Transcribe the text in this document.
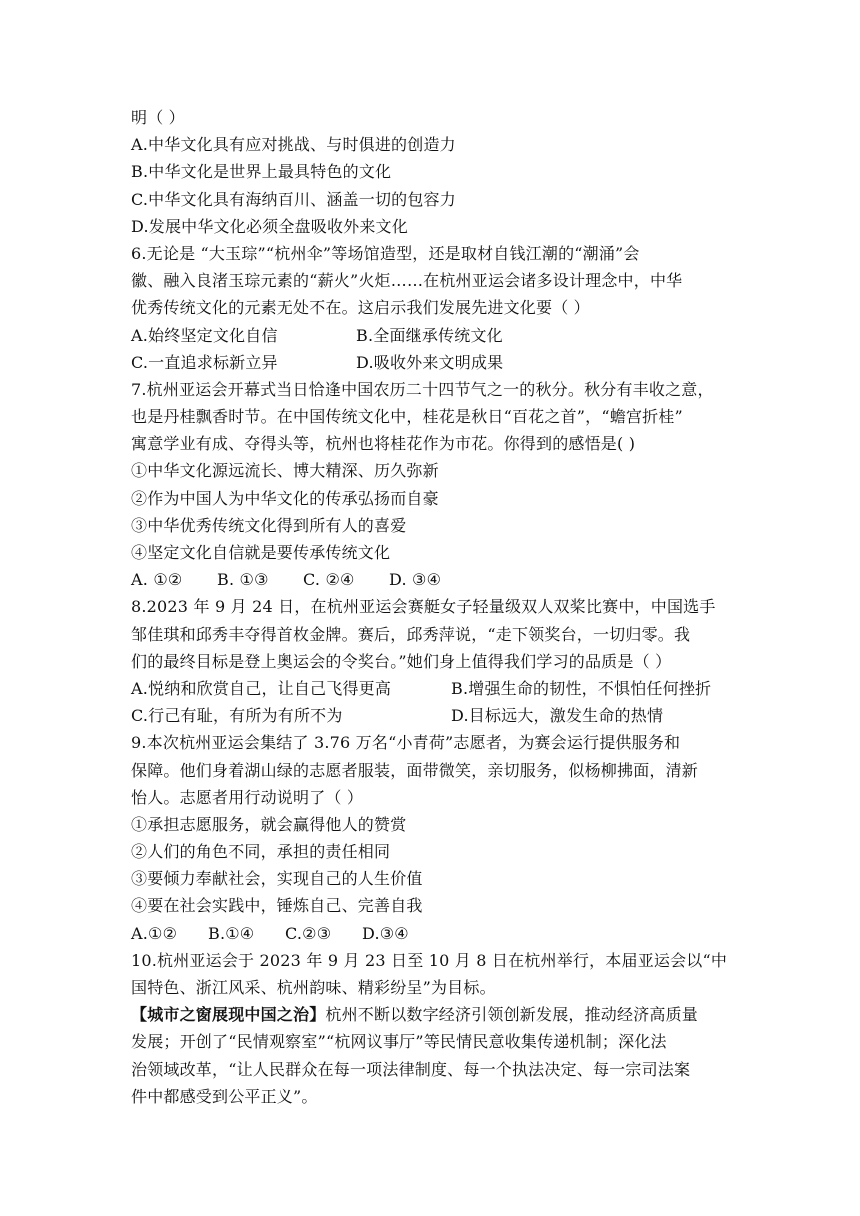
明（ ）
A.中华文化具有应对挑战、与时俱进的创造力
B.中华文化是世界上最具特色的文化
C.中华文化具有海纳百川、涵盖一切的包容力
D.发展中华文化必须全盘吸收外来文化
6.无论是 “大玉琮”“杭州伞”等场馆造型，还是取材自钱江潮的“潮涌”会
徽、融入良渚玉琮元素的“薪火”火炬……在杭州亚运会诸多设计理念中，中华
优秀传统文化的元素无处不在。这启示我们发展先进文化要（ ）
A.始终坚定文化自信	B.全面继承传统文化
C.一直追求标新立异	D.吸收外来文明成果
7.杭州亚运会开幕式当日恰逢中国农历二十四节气之一的秋分。秋分有丰收之意，
也是丹桂飘香时节。在中国传统文化中，桂花是秋日“百花之首”，“蟾宫折桂”
寓意学业有成、夺得头等，杭州也将桂花作为市花。你得到的感悟是( )
①中华文化源远流长、博大精深、历久弥新
②作为中国人为中华文化的传承弘扬而自豪
③中华优秀传统文化得到所有人的喜爱
④坚定文化自信就是要传承传统文化
A. ①②	B. ①③	C. ②④	D. ③④
8.2023 年 9 月 24 日，在杭州亚运会赛艇女子轻量级双人双桨比赛中，中国选手
邹佳琪和邱秀丰夺得首枚金牌。赛后，邱秀萍说，“走下领奖台，一切归零。我
们的最终目标是登上奥运会的令奖台。”她们身上值得我们学习的品质是（ ）
A.悦纳和欣赏自己，让自己飞得更高	B.增强生命的韧性，不惧怕任何挫折
C.行己有耻，有所为有所不为	D.目标远大，激发生命的热情
9.本次杭州亚运会集结了 3.76 万名“小青荷”志愿者，为赛会运行提供服务和
保障。他们身着湖山绿的志愿者服装，面带微笑，亲切服务，似杨柳拂面，清新
怡人。志愿者用行动说明了（ ）
①承担志愿服务，就会赢得他人的赞赏
②人们的角色不同，承担的责任相同
③要倾力奉献社会，实现自己的人生价值
④要在社会实践中，锤炼自己、完善自我
A.①②	B.①④	C.②③	D.③④
10.杭州亚运会于 2023 年 9 月 23 日至 10 月 8 日在杭州举行，本届亚运会以“中
国特色、浙江风采、杭州韵味、精彩纷呈”为目标。
【城市之窗展现中国之治】杭州不断以数字经济引领创新发展，推动经济高质量
发展；开创了“民情观察室”“杭网议事厅”等民情民意收集传递机制；深化法
治领域改革，“让人民群众在每一项法律制度、每一个执法决定、每一宗司法案
件中都感受到公平正义”。
